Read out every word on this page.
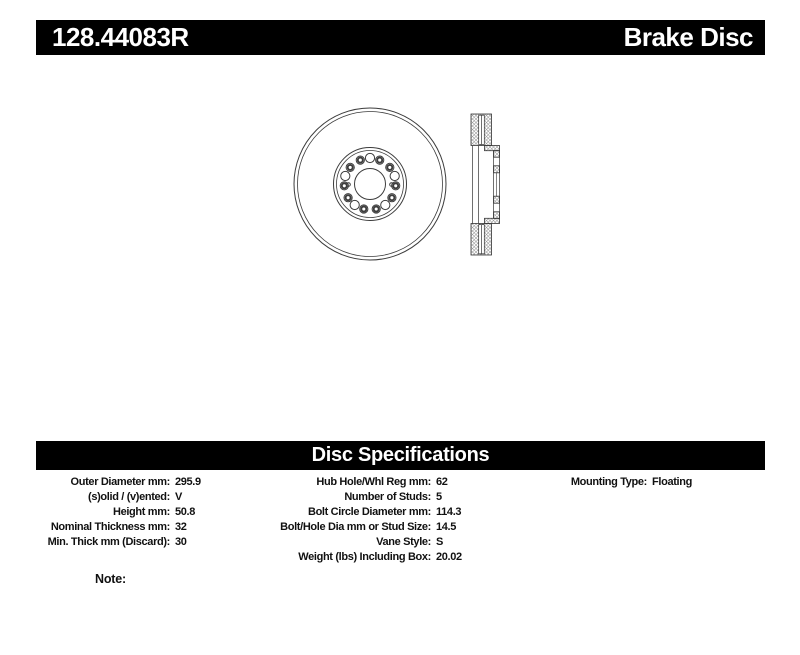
128.44083R	Brake Disc
Disc Specifications
Outer Diameter mm: 295.9
(s)olid / (v)ented: V
Height mm: 50.8
Nominal Thickness mm: 32
Min. Thick mm (Discard): 30
Hub Hole/Whl Reg mm: 62
Number of Studs: 5
Bolt Circle Diameter mm: 114.3
Bolt/Hole Dia mm or Stud Size: 14.5
Vane Style: S
Weight (lbs) Including Box: 20.02
Mounting Type: Floating
Note:
